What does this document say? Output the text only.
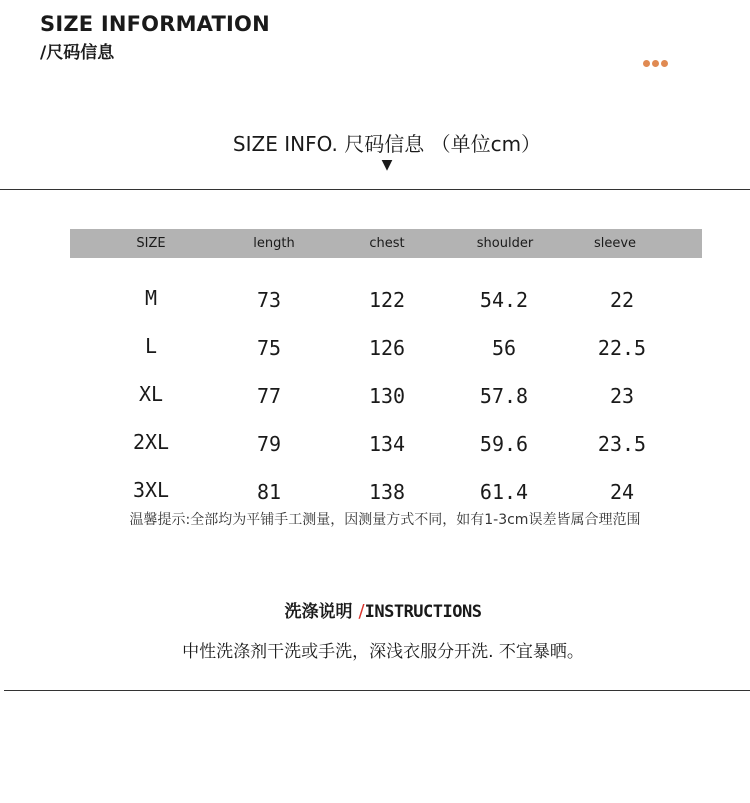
SIZE INFORMATION
/尺码信息
SIZE INFO. 尺码信息 （单位cm）
▼
SIZE	length	chest	shoulder	sleeve
M	73	122	54.2	22
L	75	126	56	22.5
XL	77	130	57.8	23
2XL	79	134	59.6	23.5
3XL	81	138	61.4	24
温馨提示:全部均为平铺手工测量，因测量方式不同，如有1-3cm误差皆属合理范围
洗涤说明 /INSTRUCTIONS
中性洗涤剂干洗或手洗，深浅衣服分开洗. 不宜暴晒。
